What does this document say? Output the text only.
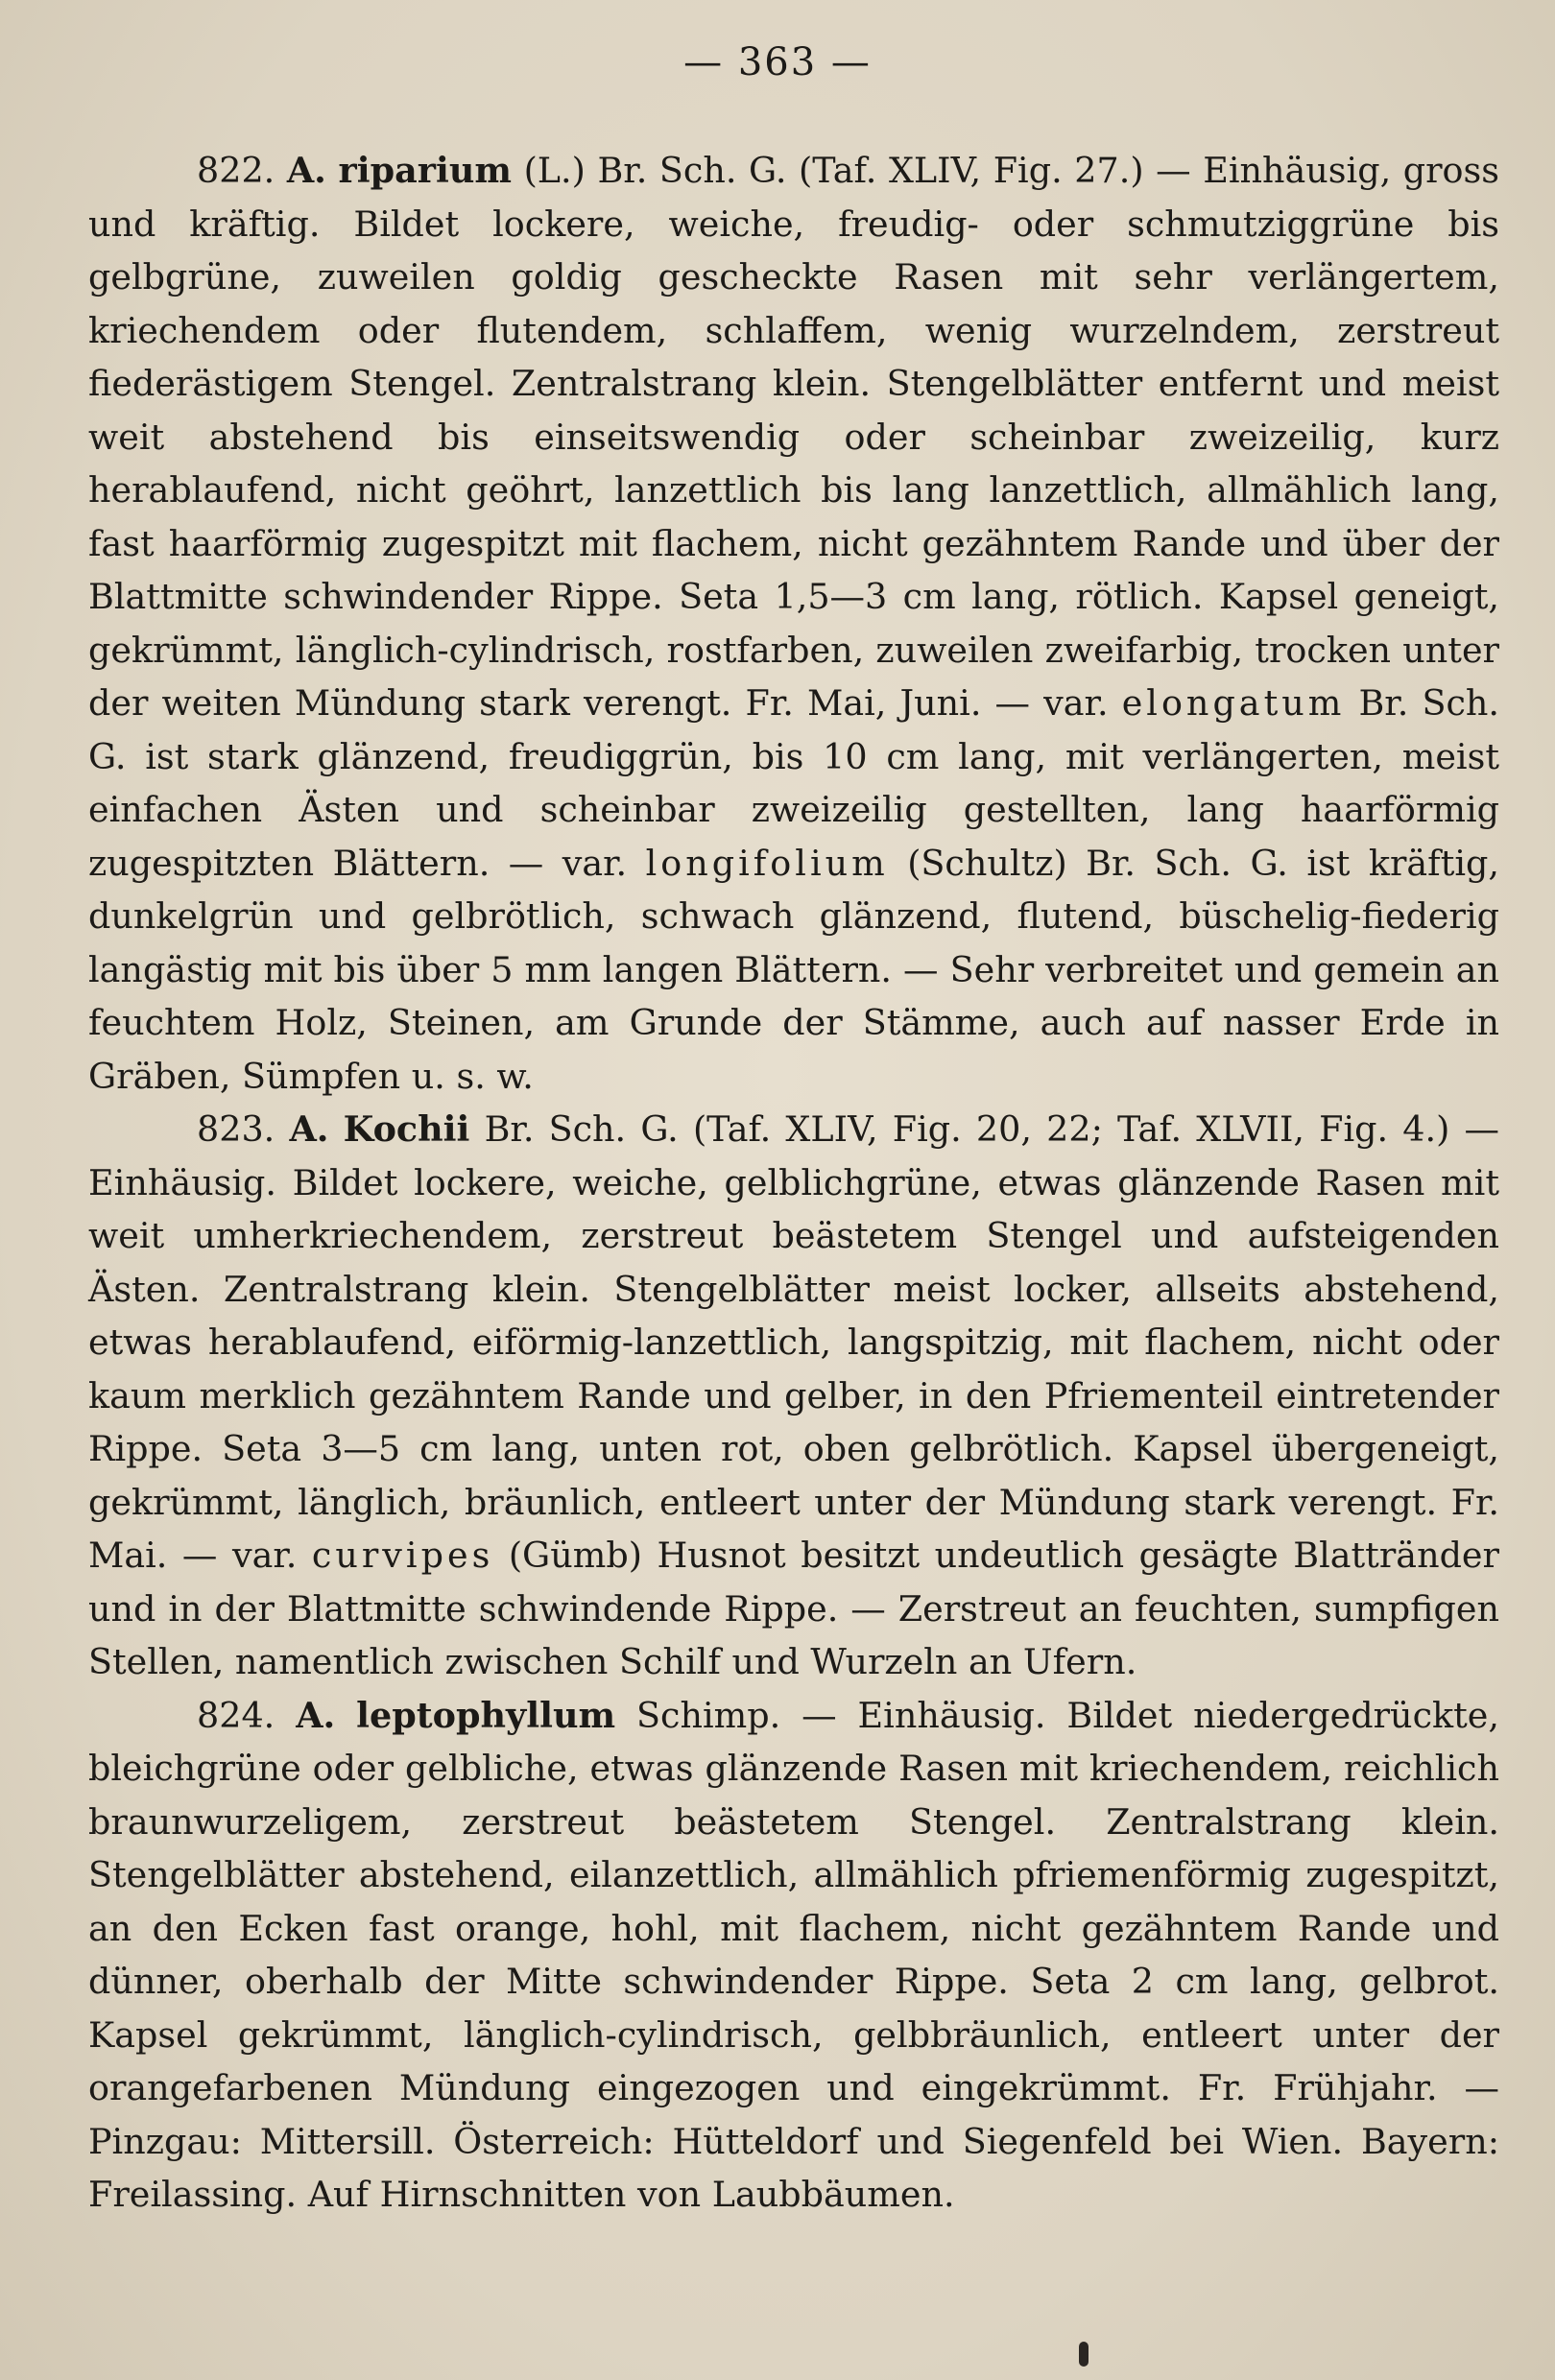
— 363 —

822. A. riparium (L.) Br. Sch. G. (Taf. XLIV, Fig. 27.) — Einhäusig, gross und kräftig. Bildet lockere, weiche, freudig- oder schmutziggrüne bis gelbgrüne, zuweilen goldig gescheckte Rasen mit sehr verlängertem, kriechendem oder flutendem, schlaffem, wenig wurzelndem, zerstreut fiederästigem Stengel. Zentralstrang klein. Stengelblätter entfernt und meist weit abstehend bis einseitswendig oder scheinbar zweizeilig, kurz herablaufend, nicht geöhrt, lanzettlich bis lang lanzettlich, allmählich lang, fast haarförmig zugespitzt mit flachem, nicht gezähntem Rande und über der Blattmitte schwindender Rippe. Seta 1,5—3 cm lang, rötlich. Kapsel geneigt, gekrümmt, länglich-cylindrisch, rostfarben, zuweilen zweifarbig, trocken unter der weiten Mündung stark verengt. Fr. Mai, Juni. — var. elongatum Br. Sch. G. ist stark glänzend, freudiggrün, bis 10 cm lang, mit verlängerten, meist einfachen Ästen und scheinbar zweizeilig gestellten, lang haarförmig zugespitzten Blättern. — var. longifolium (Schultz) Br. Sch. G. ist kräftig, dunkelgrün und gelbrötlich, schwach glänzend, flutend, büschelig-fiederig langästig mit bis über 5 mm langen Blättern. — Sehr verbreitet und gemein an feuchtem Holz, Steinen, am Grunde der Stämme, auch auf nasser Erde in Gräben, Sümpfen u. s. w.

823. A. Kochii Br. Sch. G. (Taf. XLIV, Fig. 20, 22; Taf. XLVII, Fig. 4.) — Einhäusig. Bildet lockere, weiche, gelblichgrüne, etwas glänzende Rasen mit weit umherkriechendem, zerstreut beästetem Stengel und aufsteigenden Ästen. Zentralstrang klein. Stengelblätter meist locker, allseits abstehend, etwas herablaufend, eiförmig-lanzettlich, langspitzig, mit flachem, nicht oder kaum merklich gezähntem Rande und gelber, in den Pfriementeil eintretender Rippe. Seta 3—5 cm lang, unten rot, oben gelbrötlich. Kapsel übergeneigt, gekrümmt, länglich, bräunlich, entleert unter der Mündung stark verengt. Fr. Mai. — var. curvipes (Gümb) Husnot besitzt undeutlich gesägte Blattränder und in der Blattmitte schwindende Rippe. — Zerstreut an feuchten, sumpfigen Stellen, namentlich zwischen Schilf und Wurzeln an Ufern.

824. A. leptophyllum Schimp. — Einhäusig. Bildet niedergedrückte, bleichgrüne oder gelbliche, etwas glänzende Rasen mit kriechendem, reichlich braunwurzeligem, zerstreut beästetem Stengel. Zentralstrang klein. Stengelblätter abstehend, eilanzettlich, allmählich pfriemenförmig zugespitzt, an den Ecken fast orange, hohl, mit flachem, nicht gezähntem Rande und dünner, oberhalb der Mitte schwindender Rippe. Seta 2 cm lang, gelbrot. Kapsel gekrümmt, länglich-cylindrisch, gelbbräunlich, entleert unter der orangefarbenen Mündung eingezogen und eingekrümmt. Fr. Frühjahr. — Pinzgau: Mittersill. Österreich: Hütteldorf und Siegenfeld bei Wien. Bayern: Freilassing. Auf Hirnschnitten von Laubbäumen.
